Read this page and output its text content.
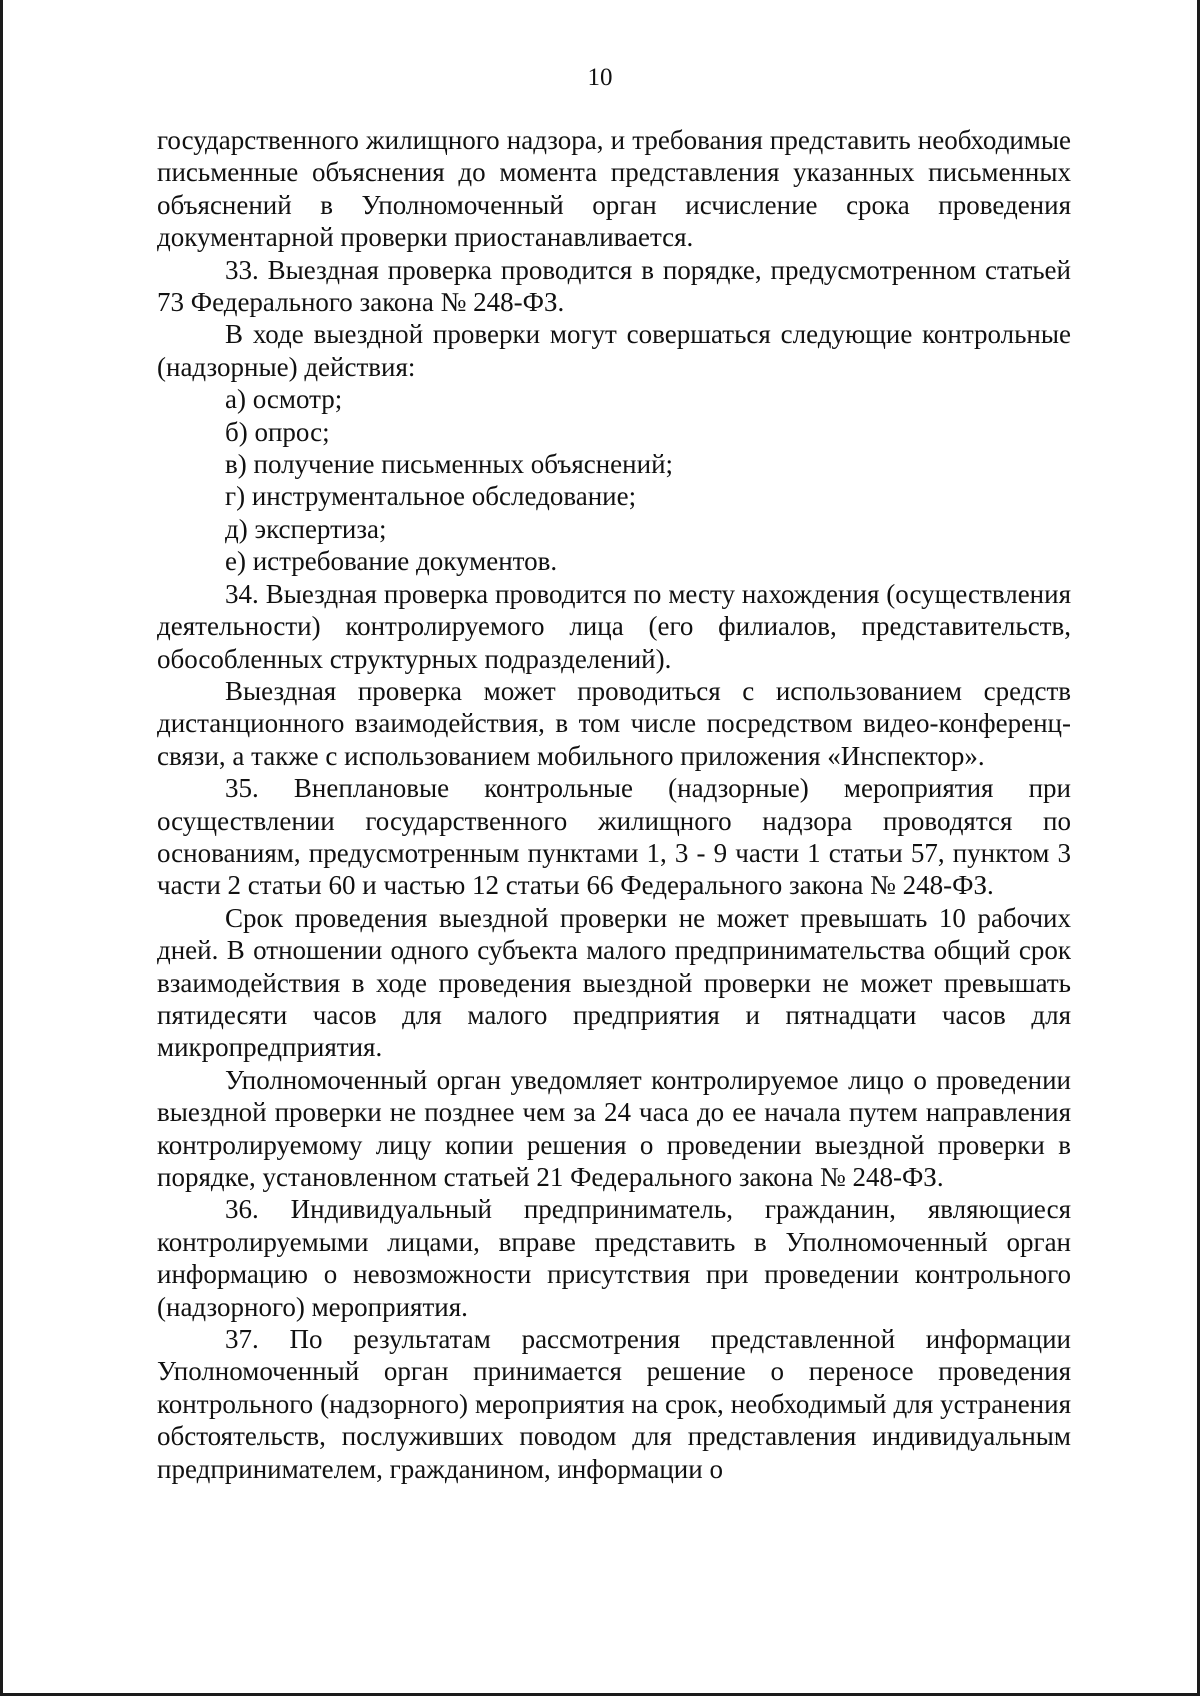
10

государственного жилищного надзора, и требования представить необходимые письменные объяснения до момента представления указанных письменных объяснений в Уполномоченный орган исчисление срока проведения документарной проверки приостанавливается.

33. Выездная проверка проводится в порядке, предусмотренном статьей 73 Федерального закона № 248-ФЗ.

В ходе выездной проверки могут совершаться следующие контрольные (надзорные) действия:

а) осмотр;

б) опрос;

в) получение письменных объяснений;

г) инструментальное обследование;

д) экспертиза;

е) истребование документов.

34. Выездная проверка проводится по месту нахождения (осуществления деятельности) контролируемого лица (его филиалов, представительств, обособленных структурных подразделений).

Выездная проверка может проводиться с использованием средств дистанционного взаимодействия, в том числе посредством видео-конференц-связи, а также с использованием мобильного приложения «Инспектор».

35. Внеплановые контрольные (надзорные) мероприятия при осуществлении государственного жилищного надзора проводятся по основаниям, предусмотренным пунктами 1, 3 - 9 части 1 статьи 57, пунктом 3 части 2 статьи 60 и частью 12 статьи 66 Федерального закона № 248-ФЗ.

Срок проведения выездной проверки не может превышать 10 рабочих дней. В отношении одного субъекта малого предпринимательства общий срок взаимодействия в ходе проведения выездной проверки не может превышать пятидесяти часов для малого предприятия и пятнадцати часов для микропредприятия.

Уполномоченный орган уведомляет контролируемое лицо о проведении выездной проверки не позднее чем за 24 часа до ее начала путем направления контролируемому лицу копии решения о проведении выездной проверки в порядке, установленном статьей 21 Федерального закона № 248-ФЗ.

36. Индивидуальный предприниматель, гражданин, являющиеся контролируемыми лицами, вправе представить в Уполномоченный орган информацию о невозможности присутствия при проведении контрольного (надзорного) мероприятия.

37. По результатам рассмотрения представленной информации Уполномоченный орган принимается решение о переносе проведения контрольного (надзорного) мероприятия на срок, необходимый для устранения обстоятельств, послуживших поводом для представления индивидуальным предпринимателем, гражданином, информации о
